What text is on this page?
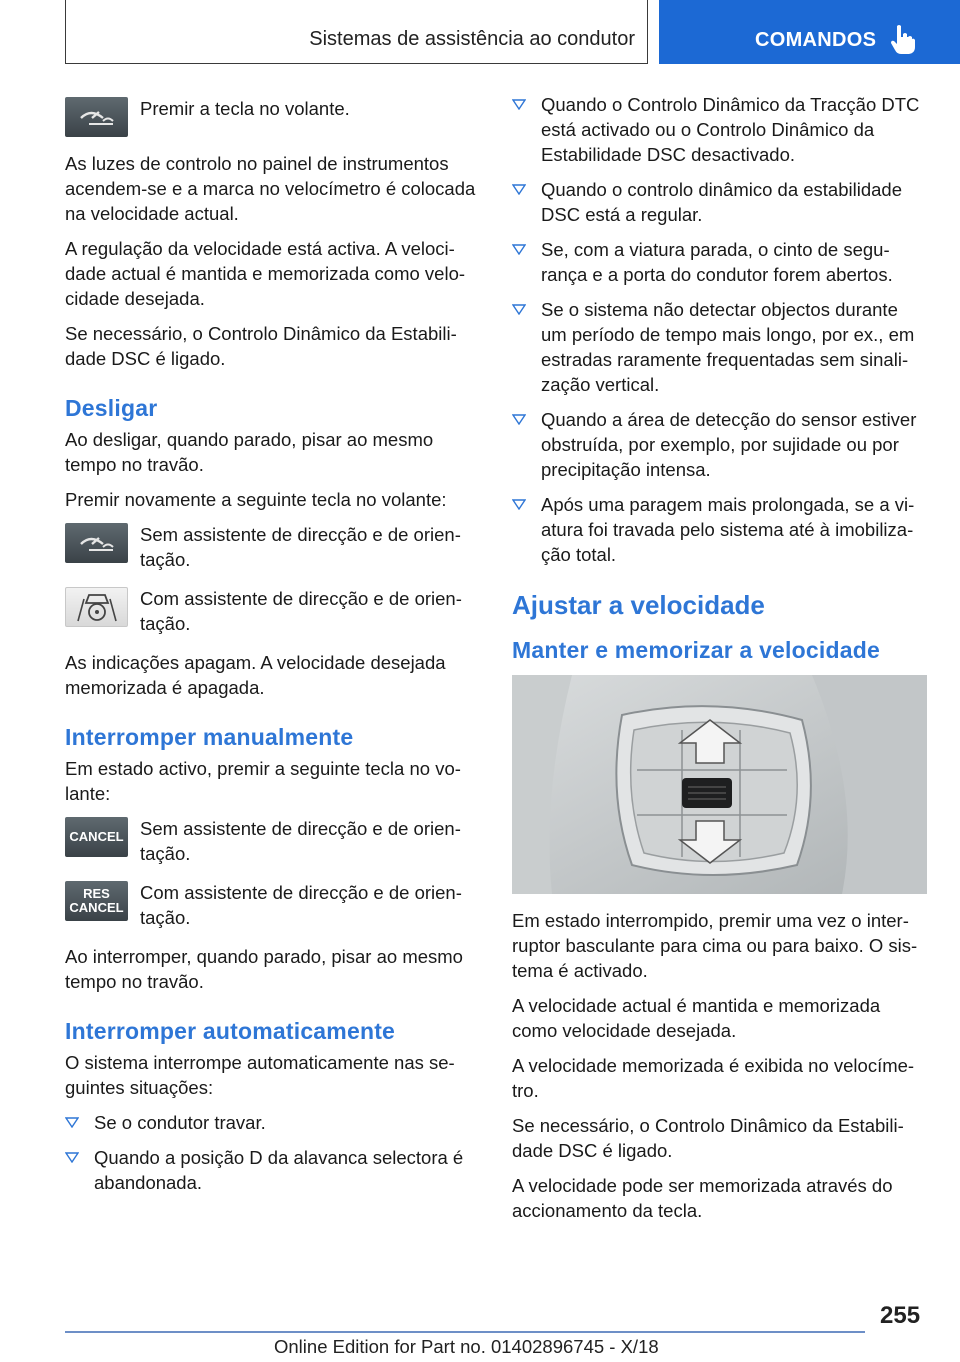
Sistemas de assistência ao condutor	COMANDOS
Premir a tecla no volante.

As luzes de controlo no painel de instrumentos acendem-se e a marca no velocímetro é colocada na velocidade actual.

A regulação da velocidade está activa. A velocidade actual é mantida e memorizada como velocidade desejada.

Se necessário, o Controlo Dinâmico da Estabilidade DSC é ligado.

Desligar

Ao desligar, quando parado, pisar ao mesmo tempo no travão.

Premir novamente a seguinte tecla no volante:

Sem assistente de direcção e de orientação.
Com assistente de direcção e de orientação.

As indicações apagam. A velocidade desejada memorizada é apagada.

Interromper manualmente

Em estado activo, premir a seguinte tecla no volante:

CANCEL Sem assistente de direcção e de orientação.
RES
CANCEL
Com assistente de direcção e de orientação.

Ao interromper, quando parado, pisar ao mesmo tempo no travão.

Interromper automaticamente

O sistema interrompe automaticamente nas seguintes situações:

Se o condutor travar.
Quando a posição D da alavanca selectora é abandonada.
Quando o Controlo Dinâmico da Tracção DTC está activado ou o Controlo Dinâmico da Estabilidade DSC desactivado.
Quando o controlo dinâmico da estabilidade DSC está a regular.
Se, com a viatura parada, o cinto de segurança e a porta do condutor forem abertos.
Se o sistema não detectar objectos durante um período de tempo mais longo, por ex., em estradas raramente frequentadas sem sinalização vertical.
Quando a área de detecção do sensor estiver obstruída, por exemplo, por sujidade ou por precipitação intensa.
Após uma paragem mais prolongada, se a viatura foi travada pelo sistema até à imobilização total.
Ajustar a velocidade
Manter e memorizar a velocidade

Em estado interrompido, premir uma vez o interruptor basculante para cima ou para baixo. O sistema é activado.

A velocidade actual é mantida e memorizada como velocidade desejada.

A velocidade memorizada é exibida no velocímetro.

Se necessário, o Controlo Dinâmico da Estabilidade DSC é ligado.

A velocidade pode ser memorizada através do accionamento da tecla.

255
Online Edition for Part no. 01402896745 - X/18
